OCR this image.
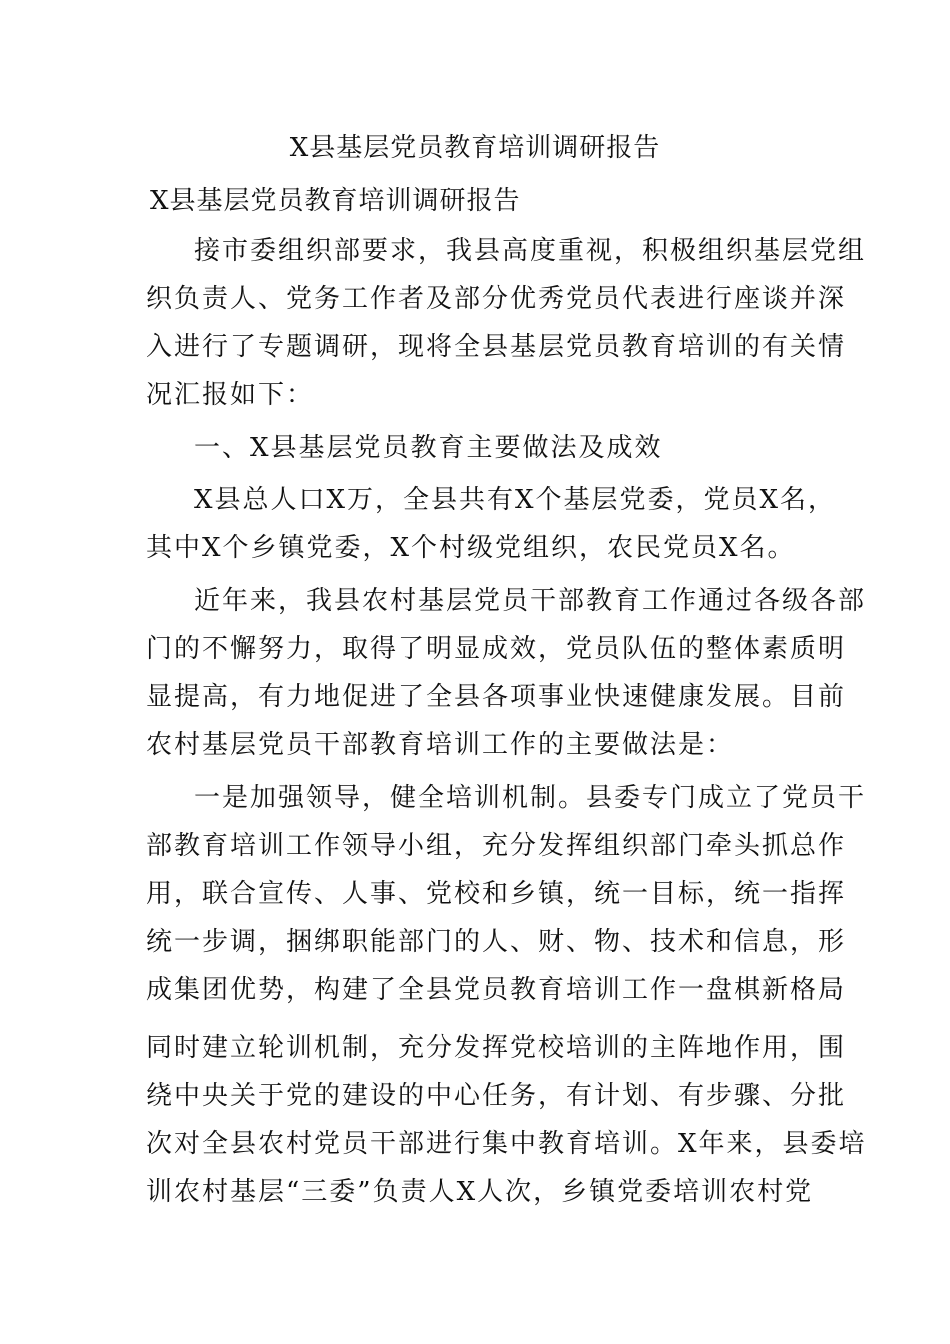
X县基层党员教育培训调研报告
X县基层党员教育培训调研报告
接市委组织部要求，我县高度重视，积极组织基层党组
织负责人、党务工作者及部分优秀党员代表进行座谈并深
入进行了专题调研，现将全县基层党员教育培训的有关情
况汇报如下：
一、X县基层党员教育主要做法及成效
X县总人口X万，全县共有X个基层党委，党员X名，
其中X个乡镇党委，X个村级党组织，农民党员X名。
近年来，我县农村基层党员干部教育工作通过各级各部
门的不懈努力，取得了明显成效，党员队伍的整体素质明
显提高，有力地促进了全县各项事业快速健康发展。目前
农村基层党员干部教育培训工作的主要做法是：
一是加强领导，健全培训机制。县委专门成立了党员干
部教育培训工作领导小组，充分发挥组织部门牵头抓总作
用，联合宣传、人事、党校和乡镇，统一目标，统一指挥
统一步调，捆绑职能部门的人、财、物、技术和信息，形
成集团优势，构建了全县党员教育培训工作一盘棋新格局
同时建立轮训机制，充分发挥党校培训的主阵地作用，围
绕中央关于党的建设的中心任务，有计划、有步骤、分批
次对全县农村党员干部进行集中教育培训。X年来，县委培
训农村基层“三委”负责人X人次，乡镇党委培训农村党
